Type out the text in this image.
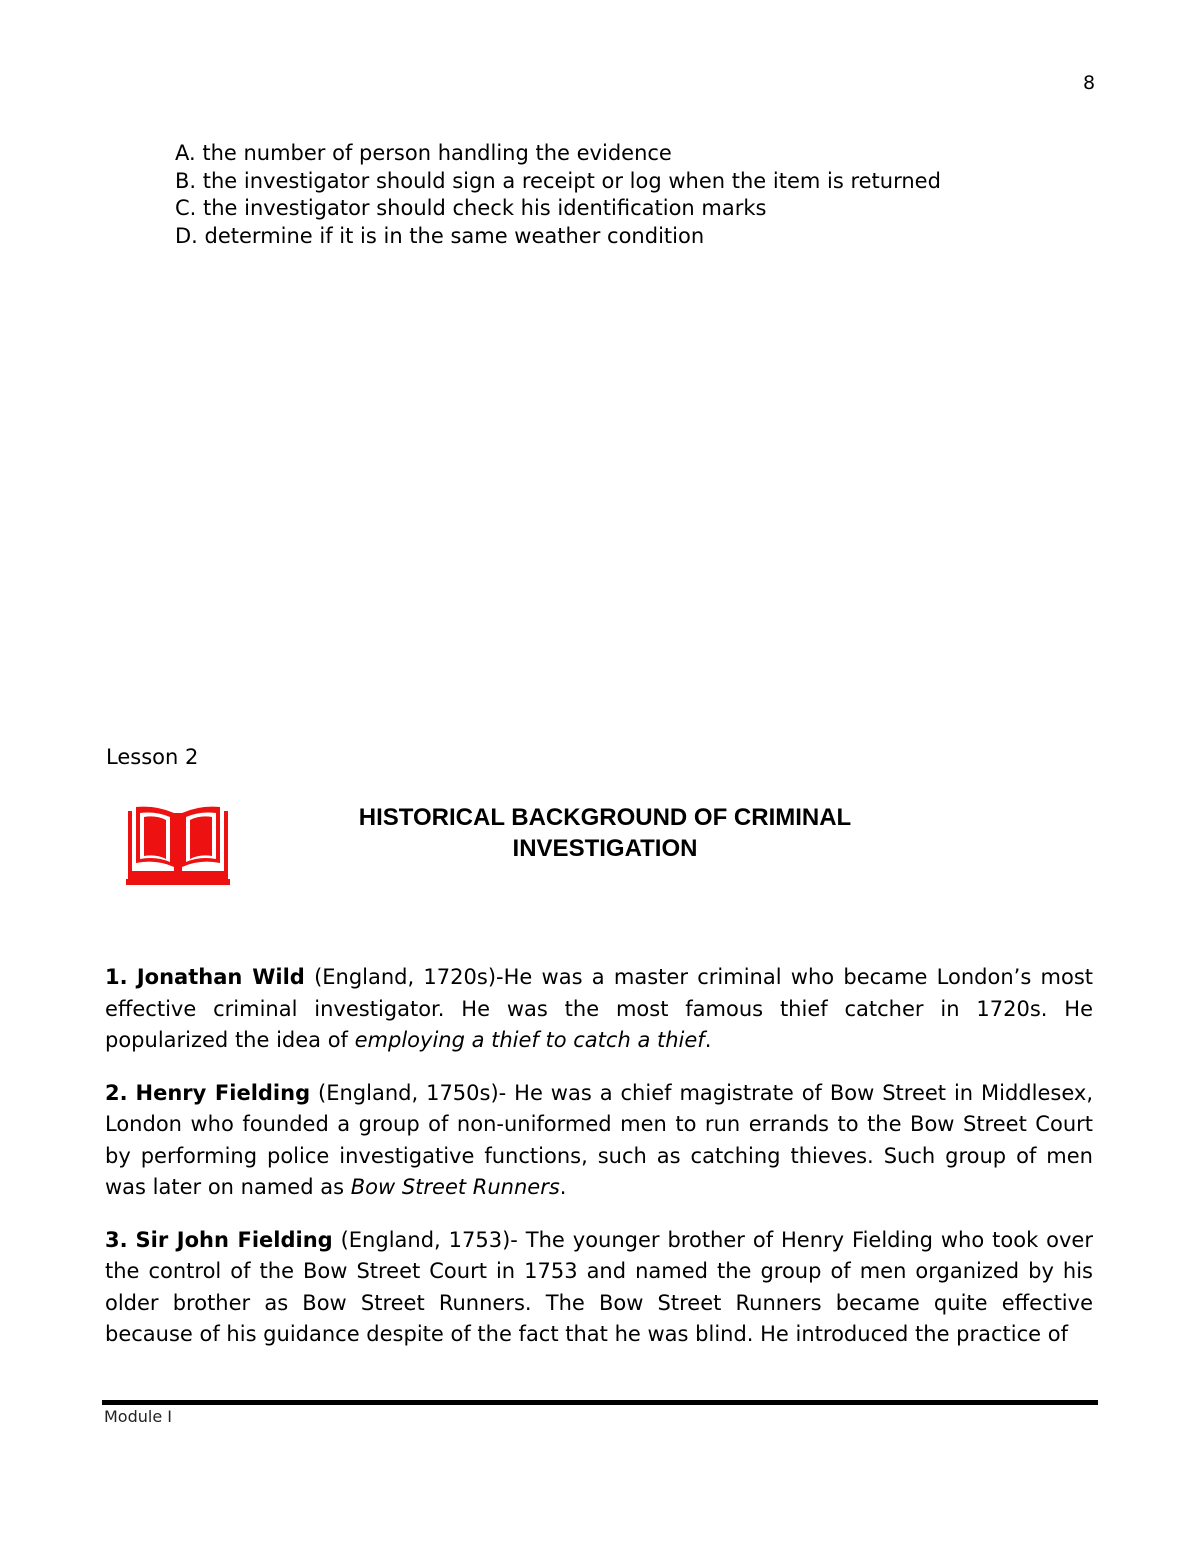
8
A. the number of person handling the evidence
B. the investigator should sign a receipt or log when the item is returned
C. the investigator should check his identification marks
D. determine if it is in the same weather condition
Lesson 2
HISTORICAL BACKGROUND OF CRIMINAL
INVESTIGATION

1. Jonathan Wild (England, 1720s)-He was a master criminal who became London’s most effective criminal investigator. He was the most famous thief catcher in 1720s. He popularized the idea of employing a thief to catch a thief.

2. Henry Fielding (England, 1750s)- He was a chief magistrate of Bow Street in Middlesex, London who founded a group of non-uniformed men to run errands to the Bow Street Court by performing police investigative functions, such as catching thieves. Such group of men was later on named as Bow Street Runners.

3. Sir John Fielding (England, 1753)- The younger brother of Henry Fielding who took over the control of the Bow Street Court in 1753 and named the group of men organized by his older brother as Bow Street Runners. The Bow Street Runners became quite effective because of his guidance despite of the fact that he was blind. He introduced the practice of

Module I
